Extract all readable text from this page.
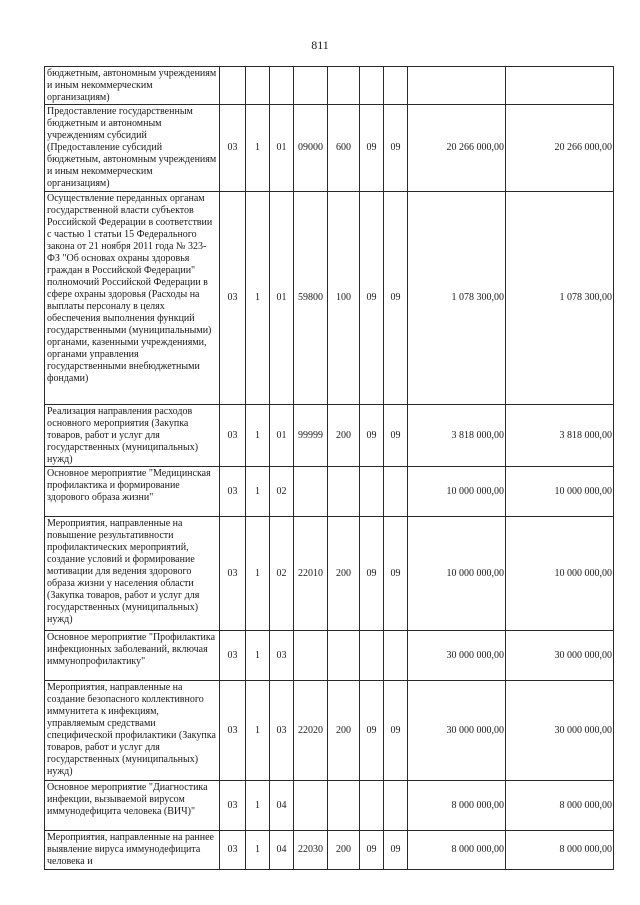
811
бюджетным, автономным учреждениям и иным некоммерческим организациям)									
Предоставление государственным бюджетным и автономным учреждениям субсидий (Предоставление субсидий бюджетным, автономным учреждениям и иным некоммерческим организациям)	03	1	01	09000	600	09	09	20 266 000,00	20 266 000,00
Осуществление переданных органам государственной власти субъектов Российской Федерации в соответствии с частью 1 статьи 15 Федерального закона от 21 ноября 2011 года № 323-ФЗ "Об основах охраны здоровья граждан в Российской Федерации" полномочий Российской Федерации в сфере охраны здоровья (Расходы на выплаты персоналу в целях обеспечения выполнения функций государственными (муниципальными) органами, казенными учреждениями, органами управления государственными внебюджетными фондами)	03	1	01	59800	100	09	09	1 078 300,00	1 078 300,00
Реализация направления расходов основного мероприятия (Закупка товаров, работ и услуг для государственных (муниципальных) нужд)	03	1	01	99999	200	09	09	3 818 000,00	3 818 000,00
Основное мероприятие "Медицинская профилактика и формирование здорового образа жизни"	03	1	02					10 000 000,00	10 000 000,00
Мероприятия, направленные на повышение результативности профилактических мероприятий, создание условий и формирование мотивации для ведения здорового образа жизни у населения области (Закупка товаров, работ и услуг для государственных (муниципальных) нужд)	03	1	02	22010	200	09	09	10 000 000,00	10 000 000,00
Основное мероприятие "Профилактика инфекционных заболеваний, включая иммунопрофилактику"	03	1	03					30 000 000,00	30 000 000,00
Мероприятия, направленные на создание безопасного коллективного иммунитета к инфекциям, управляемым средствами специфической профилактики (Закупка товаров, работ и услуг для государственных (муниципальных) нужд)	03	1	03	22020	200	09	09	30 000 000,00	30 000 000,00
Основное мероприятие "Диагностика инфекции, вызываемой вирусом иммунодефицита человека (ВИЧ)"	03	1	04					8 000 000,00	8 000 000,00
Мероприятия, направленные на раннее выявление вируса иммунодефицита человека и	03	1	04	22030	200	09	09	8 000 000,00	8 000 000,00
